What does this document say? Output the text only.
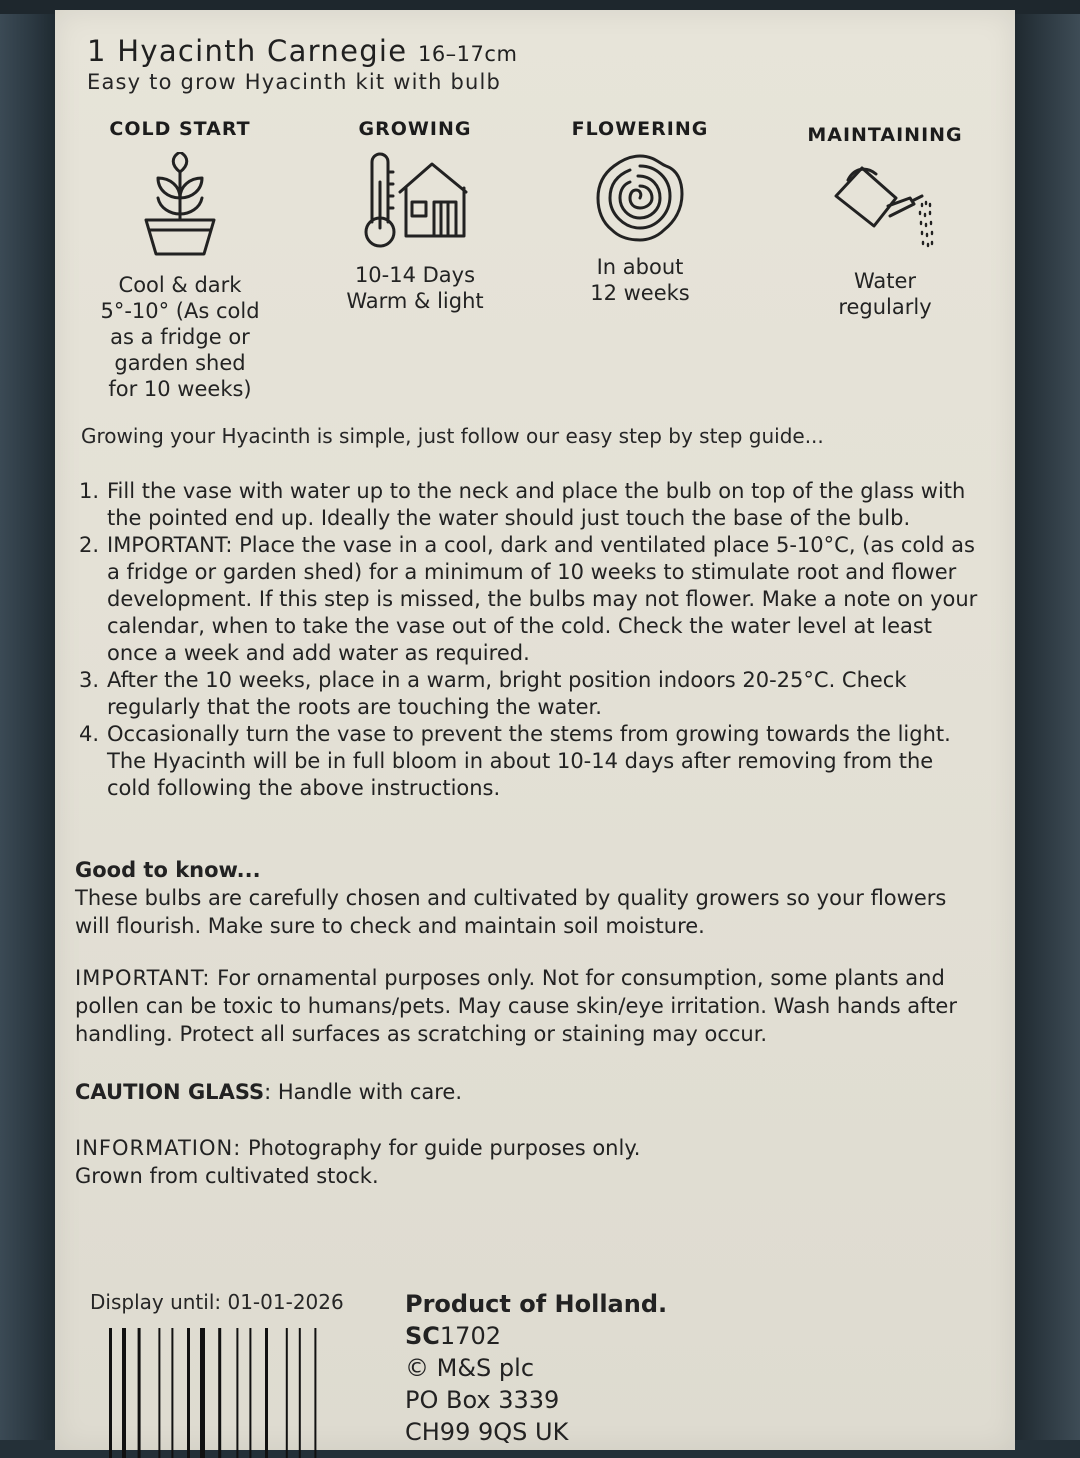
1 Hyacinth Carnegie 16–17cm
Easy to grow Hyacinth kit with bulb
COLD START
Cool & dark
5°-10° (As cold
as a fridge or
garden shed
for 10 weeks)
GROWING
10-14 Days
Warm & light
FLOWERING
In about
12 weeks
MAINTAINING
Water
regularly
Growing your Hyacinth is simple, just follow our easy step by step guide...
1. Fill the vase with water up to the neck and place the bulb on top of the glass with the pointed end up. Ideally the water should just touch the base of the bulb.
2. IMPORTANT: Place the vase in a cool, dark and ventilated place 5-10°C, (as cold as a fridge or garden shed) for a minimum of 10 weeks to stimulate root and flower development. If this step is missed, the bulbs may not flower. Make a note on your calendar, when to take the vase out of the cold. Check the water level at least once a week and add water as required.
3. After the 10 weeks, place in a warm, bright position indoors 20-25°C. Check regularly that the roots are touching the water.
4. Occasionally turn the vase to prevent the stems from growing towards the light. The Hyacinth will be in full bloom in about 10-14 days after removing from the cold following the above instructions.
Good to know...
These bulbs are carefully chosen and cultivated by quality growers so your flowers will flourish. Make sure to check and maintain soil moisture.
IMPORTANT: For ornamental purposes only. Not for consumption, some plants and pollen can be toxic to humans/pets. May cause skin/eye irritation. Wash hands after handling. Protect all surfaces as scratching or staining may occur.
CAUTION GLASS: Handle with care.
INFORMATION: Photography for guide purposes only.
Grown from cultivated stock.
Display until: 01-01-2026	Product of Holland.
SC1702
© M&S plc
PO Box 3339
CH99 9QS UK
